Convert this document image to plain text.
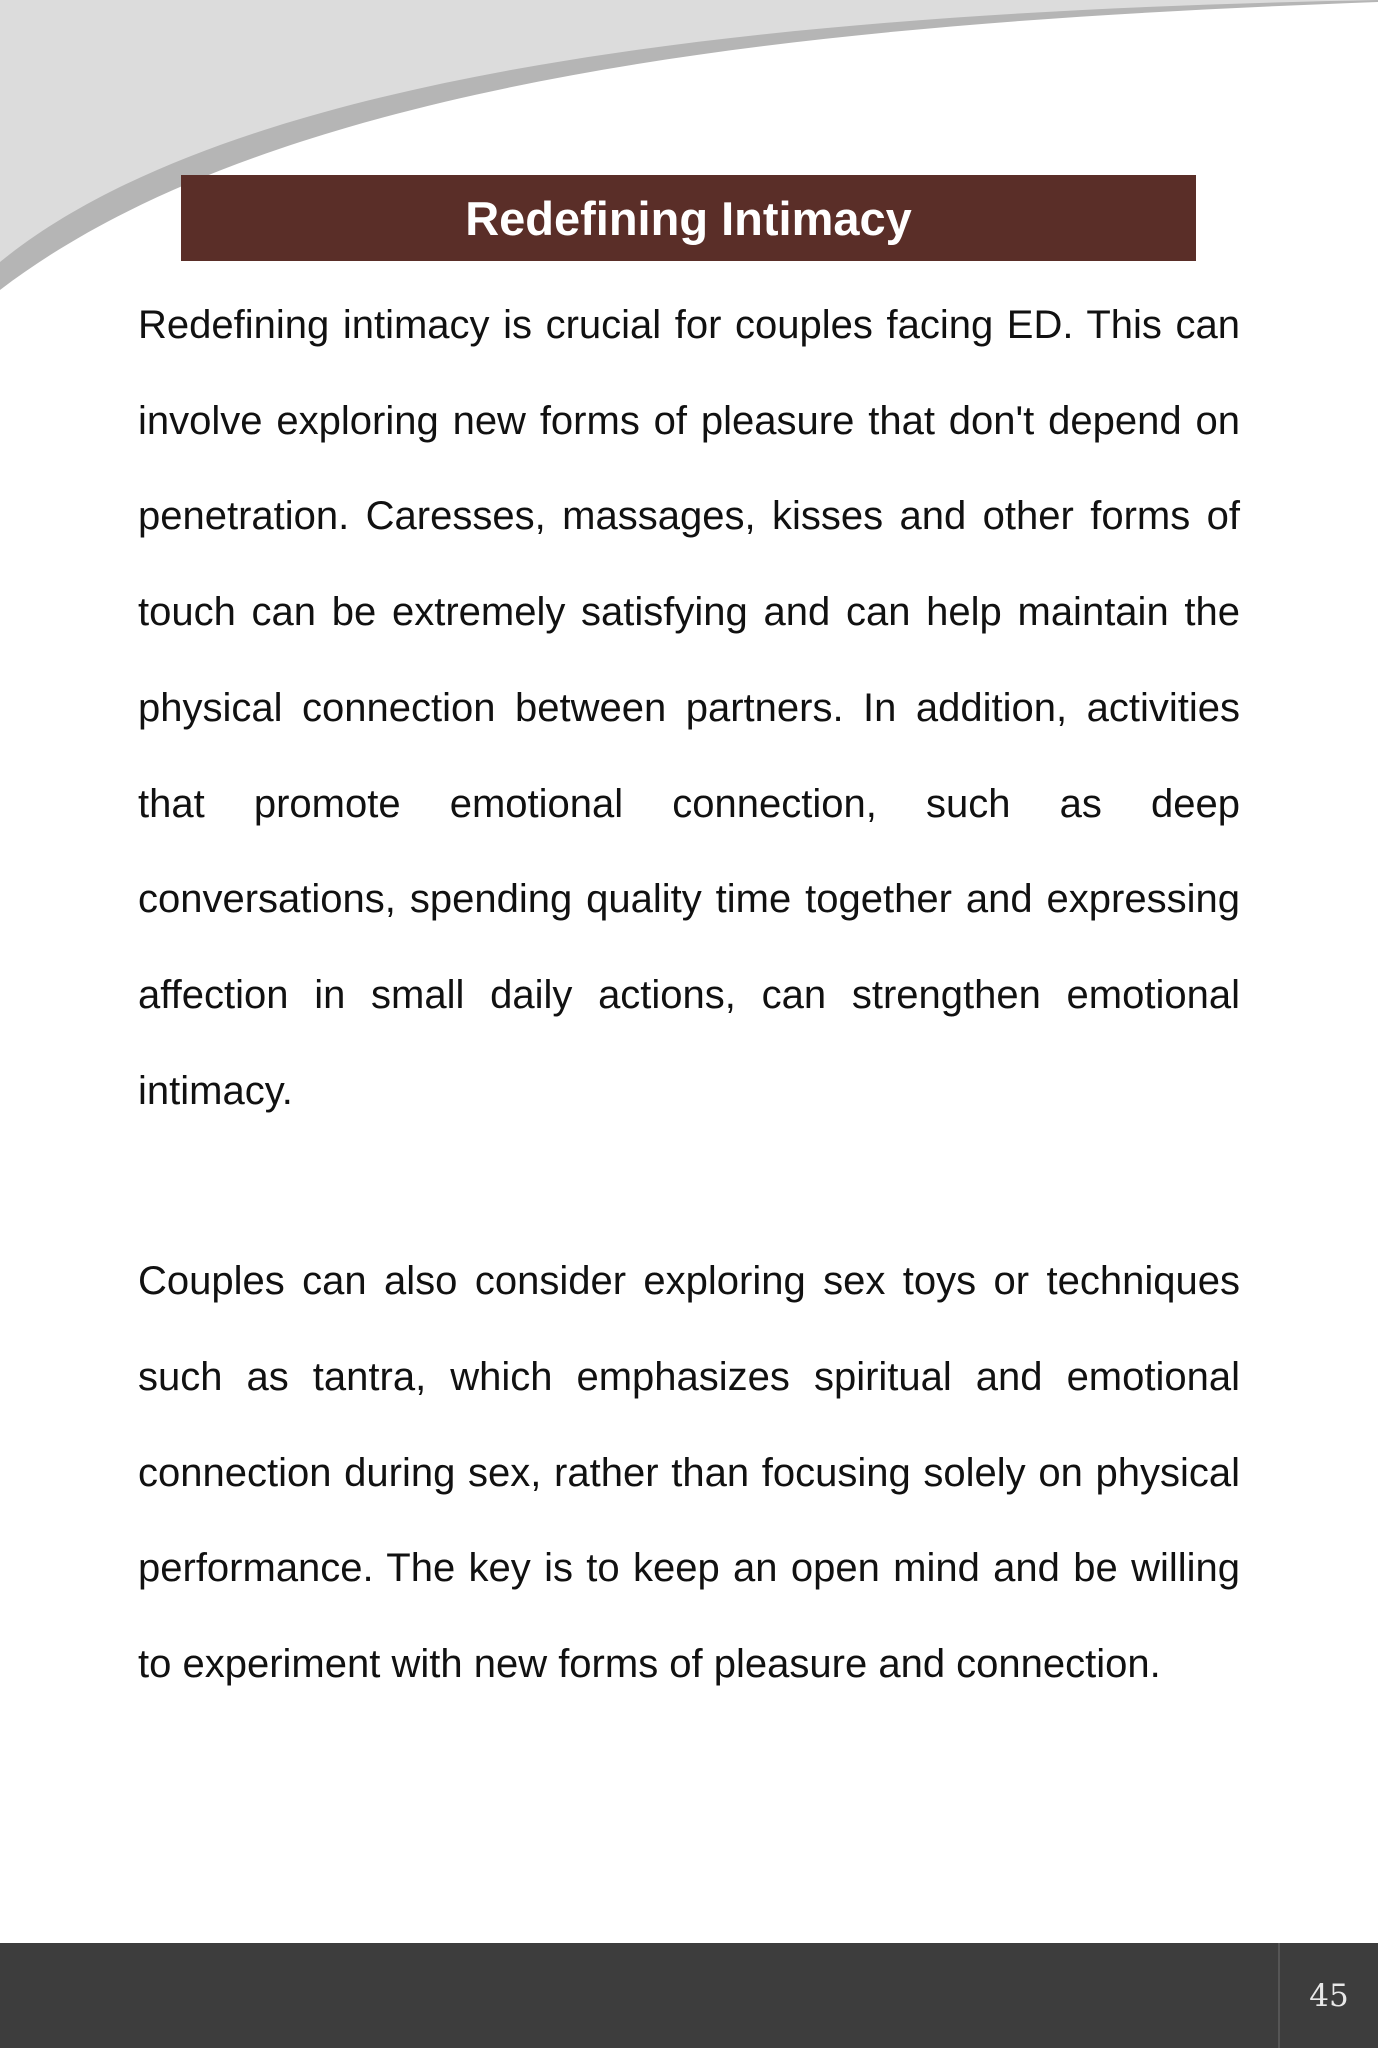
Redefining Intimacy

Redefining intimacy is crucial for couples facing ED. This can involve exploring new forms of pleasure that don't depend on penetration. Caresses, massages, kisses and other forms of touch can be extremely satisfying and can help maintain the physical connection between partners. In addition, activities that promote emotional connection, such as deep conversations, spending quality time together and expressing affection in small daily actions, can strengthen emotional intimacy.

Couples can also consider exploring sex toys or techniques such as tantra, which emphasizes spiritual and emotional connection during sex, rather than focusing solely on physical performance. The key is to keep an open mind and be willing to experiment with new forms of pleasure and connection.

45
